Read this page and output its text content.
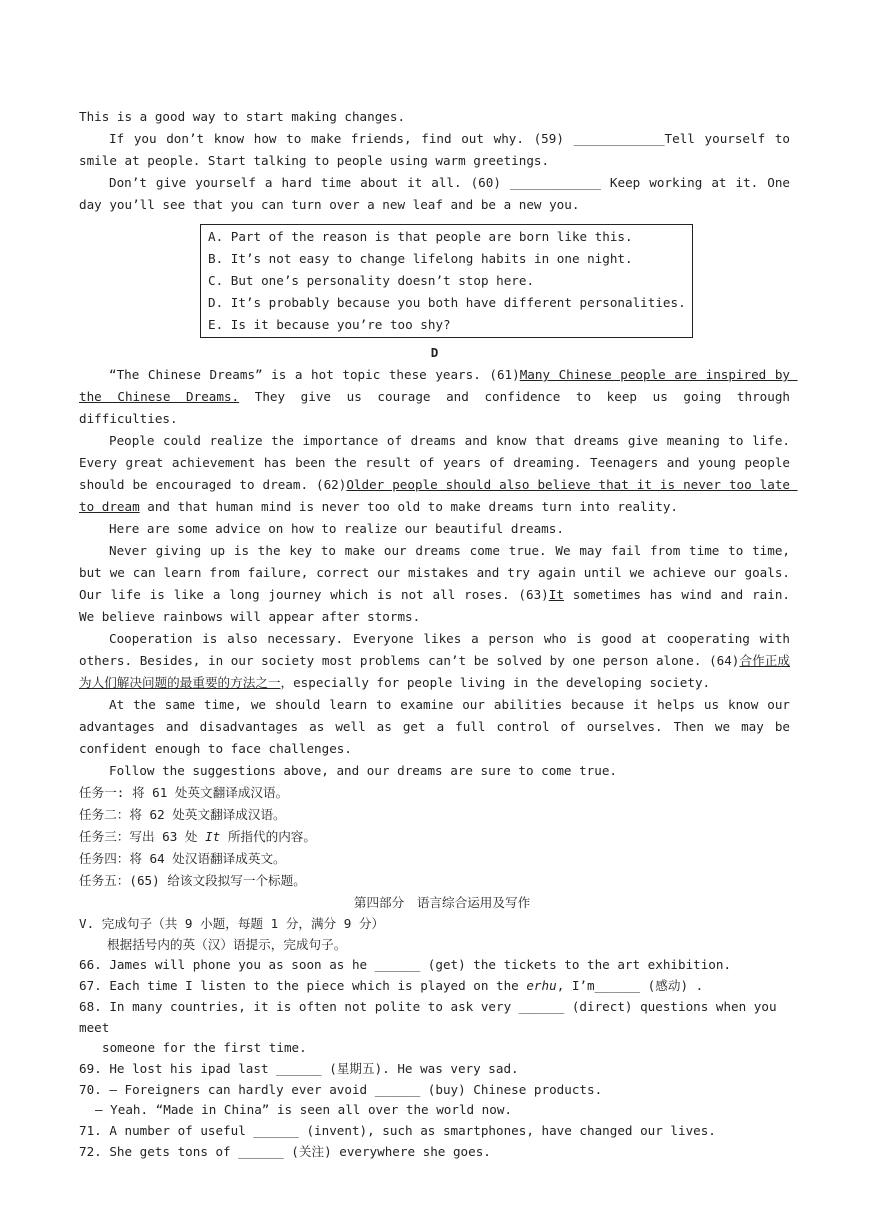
This is a good way to start making changes.
If you don’t know how to make friends, find out why. (59) ____________Tell yourself to smile at people. Start talking to people using warm greetings.
Don’t give yourself a hard time about it all. (60) ____________ Keep working at it. One day you’ll see that you can turn over a new leaf and be a new you.
A. Part of the reason is that people are born like this.
B. It’s not easy to change lifelong habits in one night.
C. But one’s personality doesn’t stop here.
D. It’s probably because you both have different personalities.
E. Is it because you’re too shy?
D
“The Chinese Dreams” is a hot topic these years. (61)Many Chinese people are inspired by the Chinese Dreams. They give us courage and confidence to keep us going through difficulties.
People could realize the importance of dreams and know that dreams give meaning to life. Every great achievement has been the result of years of dreaming. Teenagers and young people should be encouraged to dream. (62)Older people should also believe that it is never too late to dream and that human mind is never too old to make dreams turn into reality.
Here are some advice on how to realize our beautiful dreams.
Never giving up is the key to make our dreams come true. We may fail from time to time, but we can learn from failure, correct our mistakes and try again until we achieve our goals. Our life is like a long journey which is not all roses. (63)It sometimes has wind and rain. We believe rainbows will appear after storms.
Cooperation is also necessary. Everyone likes a person who is good at cooperating with others. Besides, in our society most problems can’t be solved by one person alone. (64)合作正成为人们解决问题的最重要的方法之一，especially for people living in the developing society.
At the same time, we should learn to examine our abilities because it helps us know our advantages and disadvantages as well as get a full control of ourselves. Then we may be confident enough to face challenges.
Follow the suggestions above, and our dreams are sure to come true.
任务一: 将 61 处英文翻译成汉语。
任务二：将 62 处英文翻译成汉语。
任务三：写出 63 处 It 所指代的内容。
任务四：将 64 处汉语翻译成英文。
任务五：(65) 给该文段拟写一个标题。
第四部分　语言综合运用及写作
V. 完成句子（共 9 小题，每题 1 分，满分 9 分）
根据括号内的英（汉）语提示，完成句子。
66. James will phone you as soon as he ______ (get) the tickets to the art exhibition.
67. Each time I listen to the piece which is played on the erhu, I’m______ (感动) .
68. In many countries, it is often not polite to ask very ______ (direct) questions when you meet
someone for the first time.
69. He lost his ipad last ______ (星期五). He was very sad.
70. — Foreigners can hardly ever avoid ______ (buy) Chinese products.
— Yeah. “Made in China” is seen all over the world now.
71. A number of useful ______ (invent), such as smartphones, have changed our lives.
72. She gets tons of ______ (关注) everywhere she goes.
